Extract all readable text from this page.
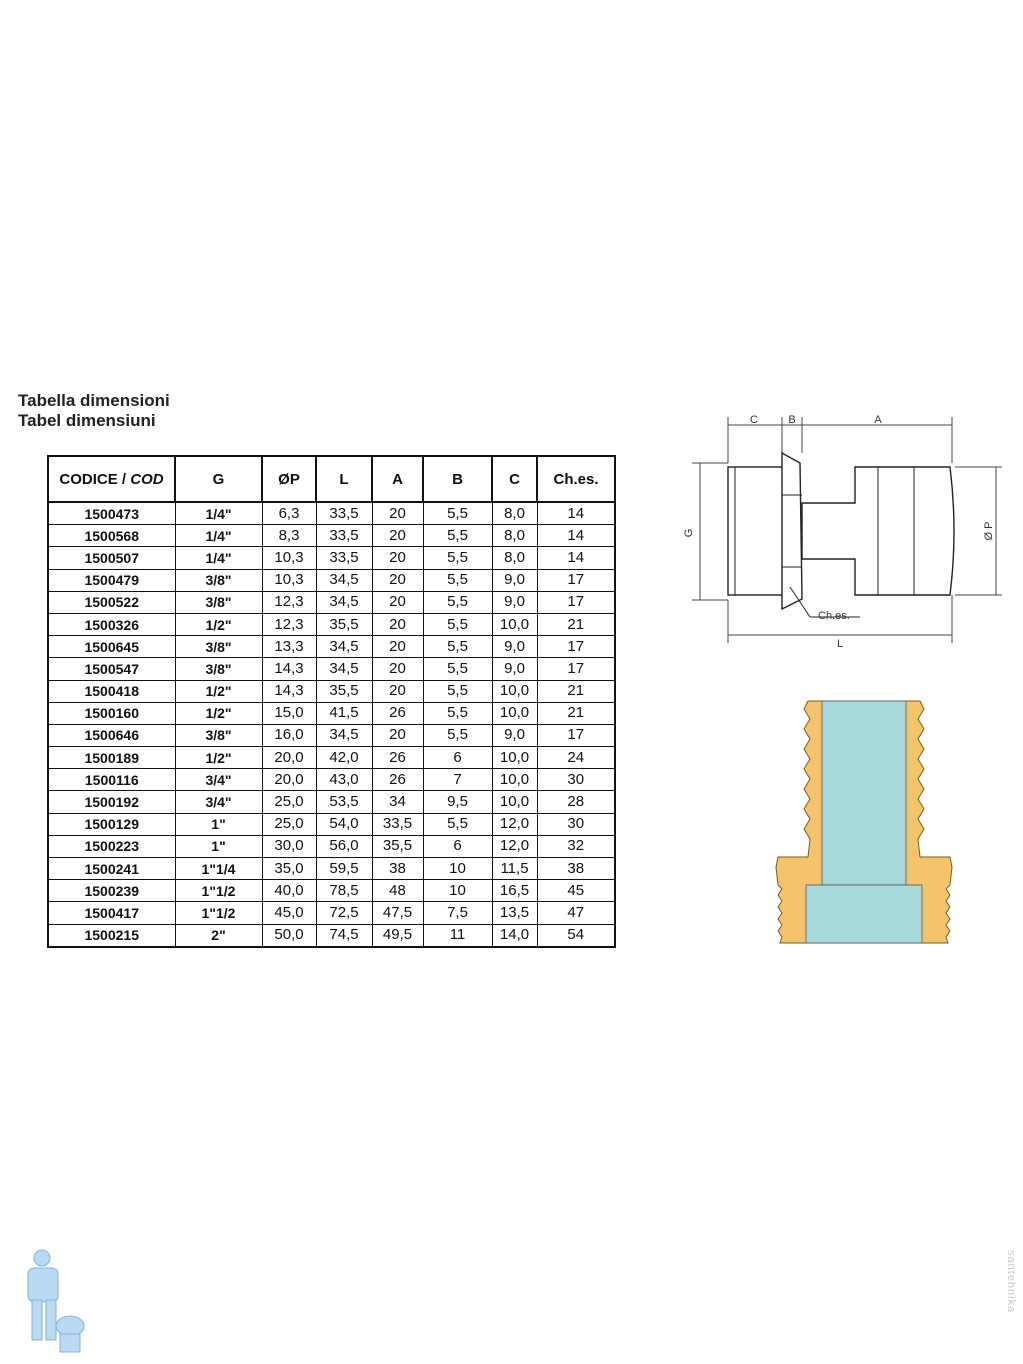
Tabella dimensioni
Tabel dimensiuni
CODICE / COD	G	ØP	L	A	B	C	Ch.es.
1500473	1/4"	6,3	33,5	20	5,5	8,0	14
1500568	1/4"	8,3	33,5	20	5,5	8,0	14
1500507	1/4"	10,3	33,5	20	5,5	8,0	14
1500479	3/8"	10,3	34,5	20	5,5	9,0	17
1500522	3/8"	12,3	34,5	20	5,5	9,0	17
1500326	1/2"	12,3	35,5	20	5,5	10,0	21
1500645	3/8"	13,3	34,5	20	5,5	9,0	17
1500547	3/8"	14,3	34,5	20	5,5	9,0	17
1500418	1/2"	14,3	35,5	20	5,5	10,0	21
1500160	1/2"	15,0	41,5	26	5,5	10,0	21
1500646	3/8"	16,0	34,5	20	5,5	9,0	17
1500189	1/2"	20,0	42,0	26	6	10,0	24
1500116	3/4"	20,0	43,0	26	7	10,0	30
1500192	3/4"	25,0	53,5	34	9,5	10,0	28
1500129	1"	25,0	54,0	33,5	5,5	12,0	30
1500223	1"	30,0	56,0	35,5	6	12,0	32
1500241	1"1/4	35,0	59,5	38	10	11,5	38
1500239	1"1/2	40,0	78,5	48	10	16,5	45
1500417	1"1/2	45,0	72,5	47,5	7,5	13,5	47
1500215	2"	50,0	74,5	49,5	11	14,0	54
C	B	A
G	Ø P
Ch.es.
L
santehnika
